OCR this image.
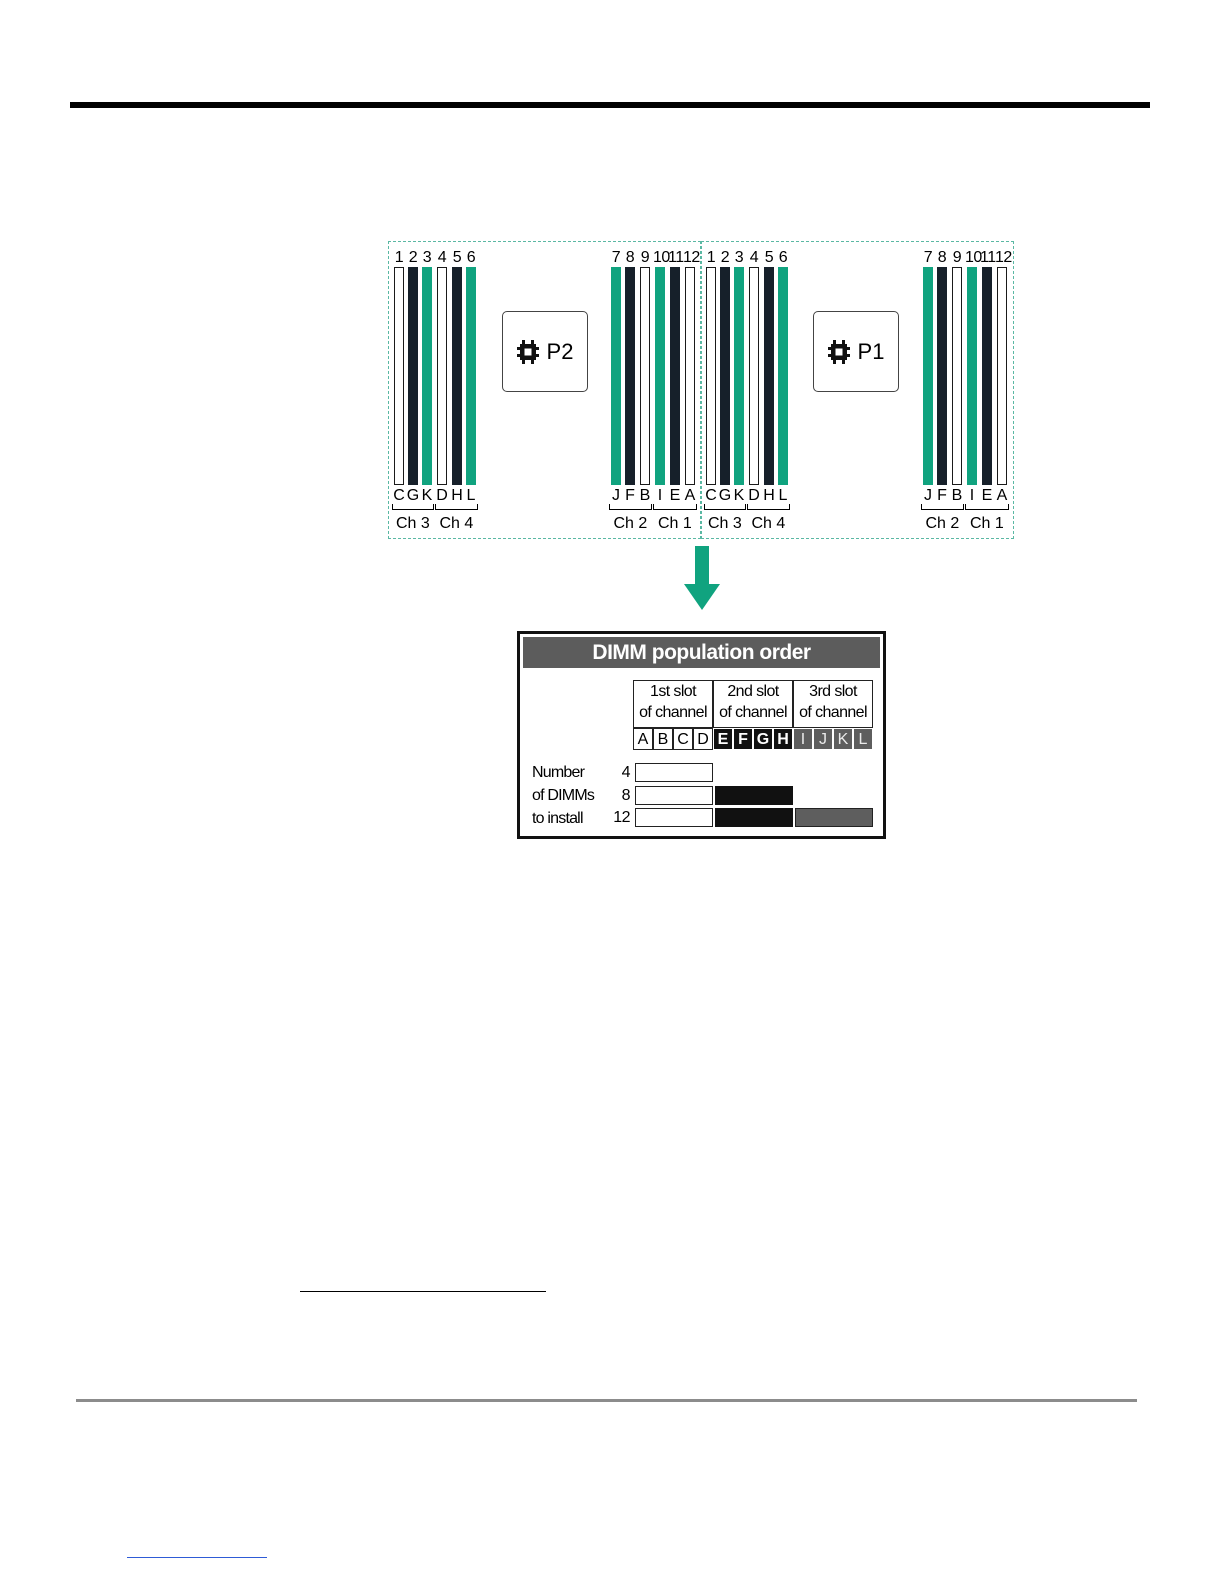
P2
1
C
2
G
3
K
4
D
5
H
6
L
7
J
8
F
9
B
10
I
11
E
12
A
Ch 3 Ch 4	Ch 2 Ch 1
P1
1
C
2
G
3
K
4
D
5
H
6
L
7
J
8
F
9
B
10
I
11
E
12
A
Ch 3 Ch 4	Ch 2 Ch 1
DIMM population order
1st slot
of channel
A B C D
2nd slot
of channel
E F G H
3rd slot
of channel
I J K L
Number
of DIMMs
to install
4
8
12
